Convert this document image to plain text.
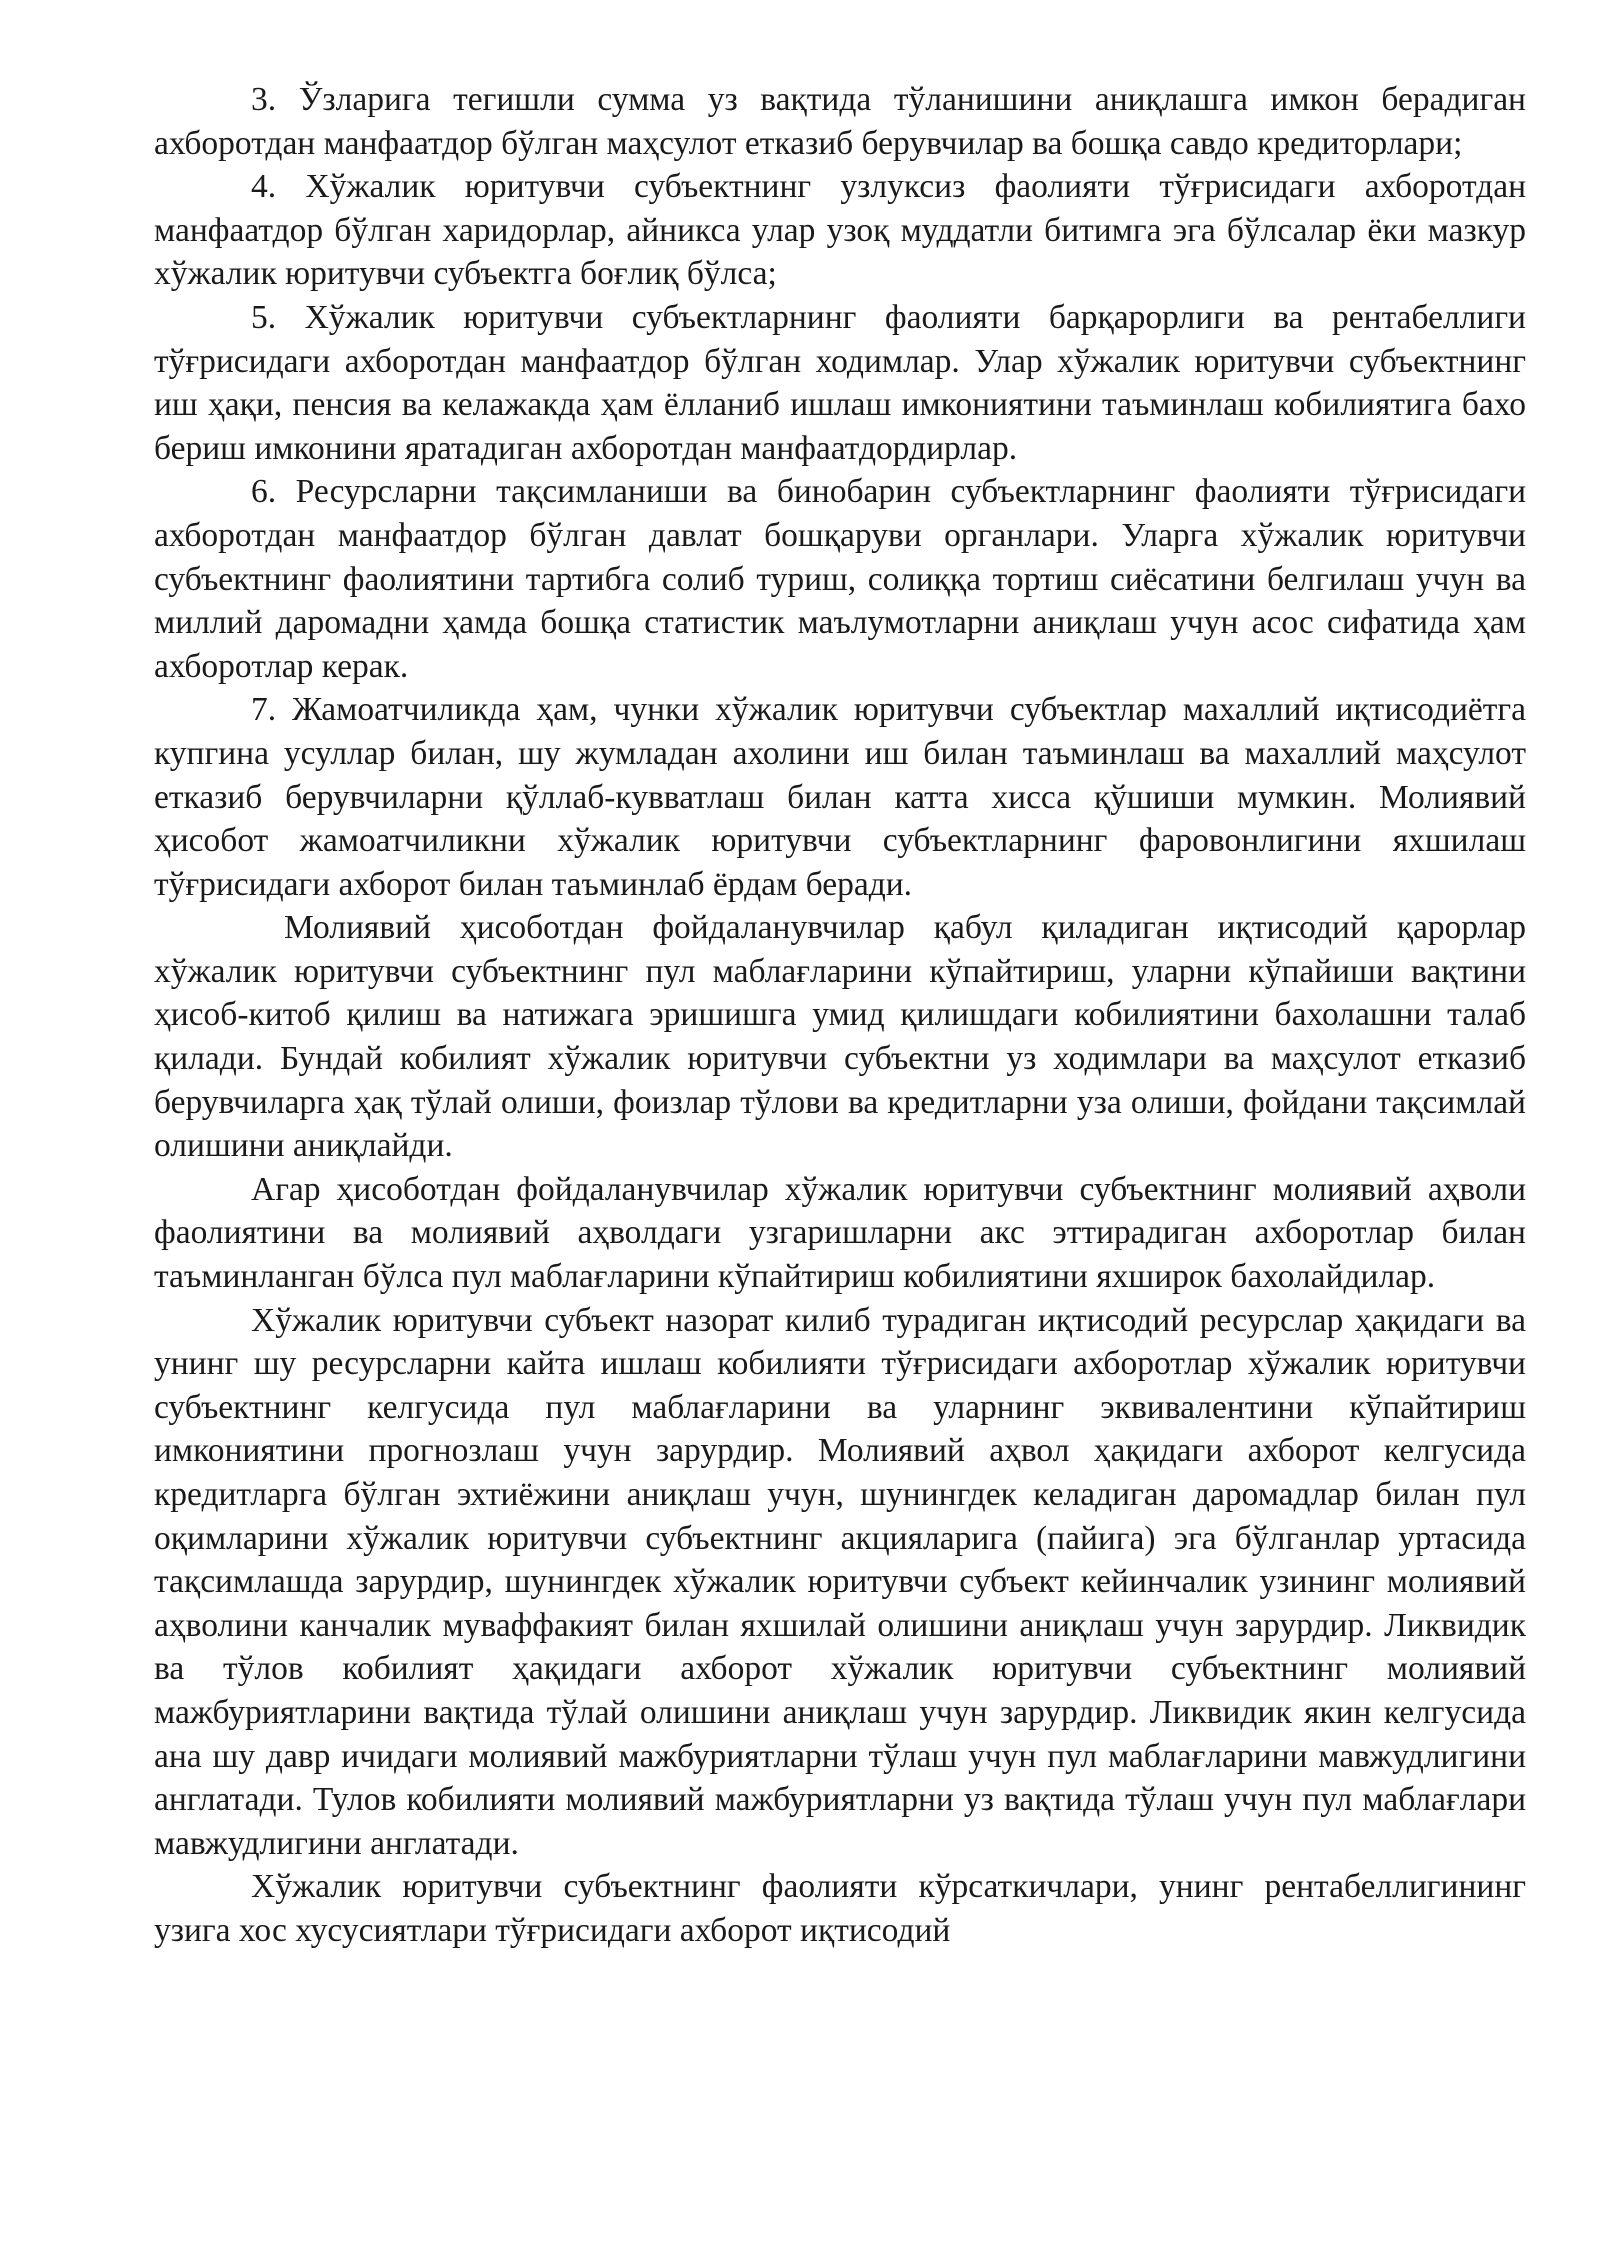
3. Ўзларига тегишли сумма уз вақтида тўланишини аниқлашга имкон берадиган ахборотдан манфаатдор бўлган маҳсулот етказиб берувчилар ва бошқа савдо кредиторлари;

4. Хўжалик юритувчи субъектнинг узлуксиз фаолияти тўғрисидаги ахборотдан манфаатдор бўлган харидорлар, айникса улар узоқ муддатли битимга эга бўлсалар ёки мазкур хўжалик юритувчи субъектга боғлиқ бўлса;

5. Хўжалик юритувчи субъектларнинг фаолияти барқарорлиги ва рентабеллиги тўғрисидаги ахборотдан манфаатдор бўлган ходимлар. Улар хўжалик юритувчи субъектнинг иш ҳақи, пенсия ва келажакда ҳам ёлланиб ишлаш имкониятини таъминлаш кобилиятига бахо бериш имконини яратадиган ахборотдан манфаатдордирлар.

6. Ресурсларни тақсимланиши ва бинобарин субъектларнинг фаолияти тўғрисидаги ахборотдан манфаатдор бўлган давлат бошқаруви органлари. Уларга хўжалик юритувчи субъектнинг фаолиятини тартибга солиб туриш, солиққа тортиш сиёсатини белгилаш учун ва миллий даромадни ҳамда бошқа статистик маълумотларни аниқлаш учун асос сифатида ҳам ахборотлар керак.

7. Жамоатчиликда ҳам, чунки хўжалик юритувчи субъектлар махаллий иқтисодиётга купгина усуллар билан, шу жумладан ахолини иш билан таъминлаш ва махаллий маҳсулот етказиб берувчиларни қўллаб-кувватлаш билан катта хисса қўшиши мумкин. Молиявий ҳисобот жамоатчиликни хўжалик юритувчи субъектларнинг фаровонлигини яхшилаш тўғрисидаги ахборот билан таъминлаб ёрдам беради.

Молиявий ҳисоботдан фойдаланувчилар қабул қиладиган иқтисодий қарорлар хўжалик юритувчи субъектнинг пул маблағларини кўпайтириш, уларни кўпайиши вақтини ҳисоб-китоб қилиш ва натижага эришишга умид қилишдаги кобилиятини бахолашни талаб қилади. Бундай кобилият хўжалик юритувчи субъектни уз ходимлари ва маҳсулот етказиб берувчиларга ҳақ тўлай олиши, фоизлар тўлови ва кредитларни уза олиши, фойдани тақсимлай олишини аниқлайди.

Агар ҳисоботдан фойдаланувчилар хўжалик юритувчи субъектнинг молиявий аҳволи фаолиятини ва молиявий аҳволдаги узгаришларни акс эттирадиган ахборотлар билан таъминланган бўлса пул маблағларини кўпайтириш кобилиятини яхширок бахолайдилар.

Хўжалик юритувчи субъект назорат килиб турадиган иқтисодий ресурслар ҳақидаги ва унинг шу ресурсларни кайта ишлаш кобилияти тўғрисидаги ахборотлар хўжалик юритувчи субъектнинг келгусида пул маблағларини ва уларнинг эквивалентини кўпайтириш имкониятини прогнозлаш учун зарурдир. Молиявий аҳвол ҳақидаги ахборот келгусида кредитларга бўлган эхтиёжини аниқлаш учун, шунингдек келадиган даромадлар билан пул оқимларини хўжалик юритувчи субъектнинг акцияларига (пайига) эга бўлганлар уртасида тақсимлашда зарурдир, шунингдек хўжалик юритувчи субъект кейинчалик узининг молиявий аҳволини канчалик муваффакият билан яхшилай олишини аниқлаш учун зарурдир. Ликвидик ва тўлов кобилият ҳақидаги ахборот хўжалик юритувчи субъектнинг молиявий мажбуриятларини вақтида тўлай олишини аниқлаш учун зарурдир. Ликвидик якин келгусида ана шу давр ичидаги молиявий мажбуриятларни тўлаш учун пул маблағларини мавжудлигини англатади. Тулов кобилияти молиявий мажбуриятларни уз вақтида тўлаш учун пул маблағлари мавжудлигини англатади.

Хўжалик юритувчи субъектнинг фаолияти кўрсаткичлари, унинг рентабеллигининг узига хос хусусиятлари тўғрисидаги ахборот иқтисодий
